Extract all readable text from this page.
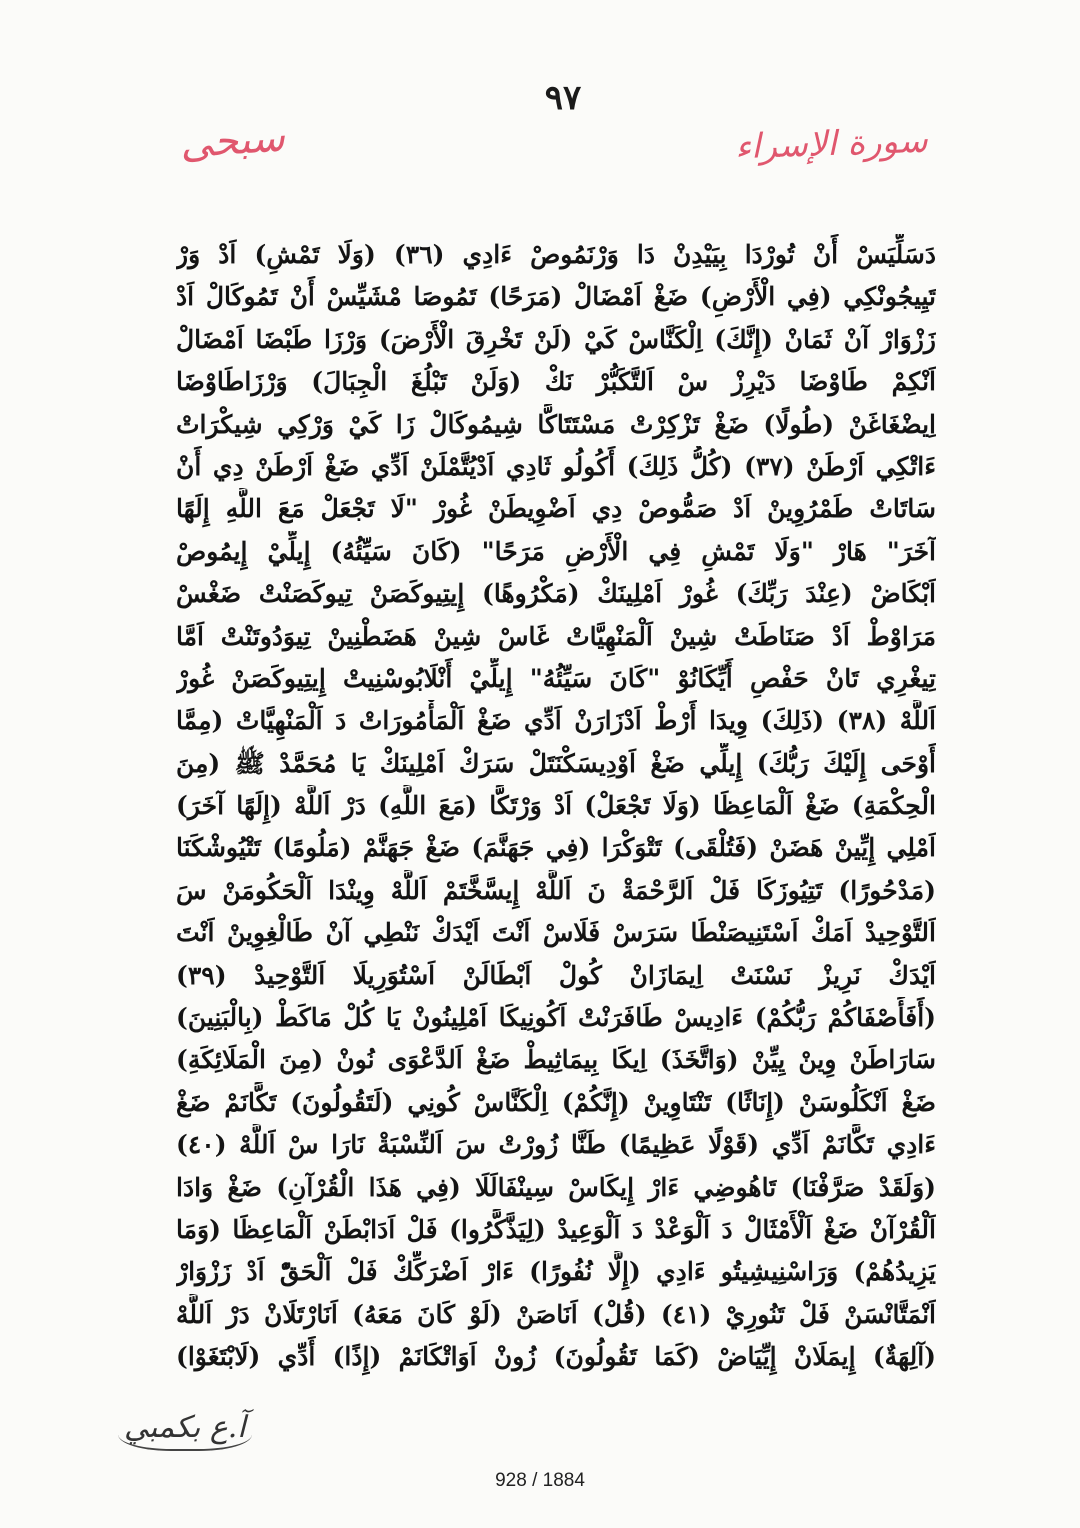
٩٧
سبحى	سورة الإسراء
دَسَلِّيَسْ أَنْ تُورْدَا بِيَيْدِنْ دَا وَرْنَمُوصْ ءَادِي (٣٦) (وَلَا تَمْشِ) اَدْ وَرْ
تَيِيجُونْكِي (فِي الْأَرْضِ) ضَغْ اَمْضَالْ (مَرَحًا) تَمُوصَا مْشَيِّسْ أَنْ تَمُوكَالْ اَدْ
زَزْوَارْ آنْ ثَمَانْ (إِنَّكَ) اِلْكَنَّاسْ كَيْ (لَنْ تَخْرِقَ الْأَرْضَ) وَرْزَا طَبْضَا اَمْضَالْ
اَنْكِمْ طَاوْضَا دَيْرِزْ سْ اَلتَّكَبُّرْ نَكْ (وَلَنْ تَبْلُغَ الْجِبَالَ) وَرْزَاطَاوْضَا
اِيضْغَاغَنْ (طُولًا) ضَغْ تَزْكِرْتْ مَسْتَتَاكَّا شِيمُوكَالْ زَا كَيْ وَرْكِي شِيكْرَاتْ
ءَاتْكِي اَرْطَنْ (٣٧) (كُلُّ ذَلِكَ) أَكُولُو ثَادِي اَدْيُتَّمْلَنْ اَدِّي ضَغْ اَرْطَنْ دِي أَنْ
سَاتَاتْ طَمْرُوِينْ اَدْ صَمُّوصْ دِي اَضْوِيطَنْ غُورْ "لَا تَجْعَلْ مَعَ اللَّهِ إِلَهًا
آخَرَ" هَارْ "وَلَا تَمْشِ فِي الْأَرْضِ مَرَحًا" (كَانَ سَيِّئُهُ) إِيلِّيْ إِيمُوصْ
اَبْكَاضْ (عِنْدَ رَبِّكَ) غُورْ اَمْلِينَكْ (مَكْرُوهًا) إِيتِيوكَصَنْ تِيوكَصَنْتْ ضَغْسْ
مَرَاوْطْ اَدْ صَنَاطَتْ شِينْ اَلْمَنْهِيَّاتْ غَاسْ شِينْ هَضَطْنِينْ تِيوَدُوتَنْتْ اَمَّا
تِيغْرِي تَانْ حَفْصِ أَيِّكَانُوْ "كَانَ سَيِّئُهُ" إِيلِّيْ أَنْلَابُوسْنِيتْ إِيتِيوكَصَنْ غُورْ
اَللَّهْ (٣٨) (ذَلِكَ) وِيدَا أَرْطْ اَدْزَارَنْ اَدِّي ضَغْ اَلْمَأْمُورَاتْ دَ اَلْمَنْهِيَّاتْ (مِمَّا
أَوْحَى إِلَيْكَ رَبُّكَ) إِيلِّي ضَغْ اَوْدِيسَكْنَتَلْ سَرَكْ اَمْلِينَكْ يَا مُحَمَّدْ ﷺ (مِنَ
الْحِكْمَةِ) ضَغْ اَلْمَاعِظَا (وَلَا تَجْعَلْ) اَدْ وَرْتَكَّا (مَعَ اللَّهِ) دَرْ اَللَّهْ (إِلَهًا آخَرَ)
اَمْلِي إِيِّينْ هَضَنْ (فَتُلْقَى) تَتْوَكْرَا (فِي جَهَنَّمَ) ضَغْ جَهَنَّمْ (مَلُومًا) تَتْيُوشْكَنَا
(مَدْحُورًا) تَتِيُوزَكَا فَلْ اَلرَّحْمَةْ نَ اَللَّهْ إِيسَّخَّتَمْ اَللَّهْ وِينْدَا اَلْحَكُومَنْ سَ
اَلتَّوْحِيدْ اَمَكْ اَسْتَنِيصَنْطَا سَرَسْ فَلَاسْ اَنْتَ اَيْدَكْ نَنْطِي آنْ طَالْغِوِينْ اَنْتَ
اَيْدَكْ نَرِيزْ نَسْنَتْ اِيمَازَانْ كُولْ اَبْطَالَنْ اَسْتُوَرِيلَا اَلتَّوْحِيدْ (٣٩)
(أَفَأَصْفَاكُمْ رَبُّكُمْ) ءَادِيسْ طَافَرَنْتْ اَكُونِيكَا اَمْلِينُونْ يَا كُلْ مَاكَطْ (بِالْبَنِينَ)
سَارَاطَنْ وِينْ يِيِّنْ (وَاتَّخَذَ) اِيكَا بِيمَاثِيطْ ضَغْ اَلدَّعْوَى نُونْ (مِنَ الْمَلَائِكَةِ)
ضَغْ اَنْكَلُوسَنْ (إِنَاثًا) تَنْتَاوِينْ (إِنَّكُمْ) اِلْكَنَّاسْ كُونِي (لَتَقُولُونَ) تَكَّانَمْ ضَغْ
ءَادِي تَكَّانَمْ اَدِّي (قَوْلًا عَظِيمًا) طَنَّا زُورْتْ سَ اَلنِّسْبَةْ نَارَا سْ اَللَّهْ (٤٠)
(وَلَقَدْ صَرَّفْنَا) تَاهُوضِي ءَارْ إِيكَاسْ سِينْفَالَلَا (فِي هَذَا الْقُرْآنِ) ضَغْ وَادَا
اَلْقُرْآنْ ضَغْ اَلْأَمْثَالْ دَ اَلْوَعْدْ دَ اَلْوَعِيدْ (لِيَذَّكَّرُوا) فَلْ اَدَابْطَنْ اَلْمَاعِظَا (وَمَا
يَزِيدُهُمْ) وَرَاسْنِيشِيتُو ءَادِي (إِلَّا نُفُورًا) ءَارْ اَضْرَكِّكْ فَلْ اَلْحَقّْ اَدْ زَزْوَارْ
اَنْمَتَّانْسَنْ فَلْ تَنُورِيْ (٤١) (قُلْ) اَنَاصَنْ (لَوْ كَانَ مَعَهُ) اَنَارْتَلَانْ دَرْ اَللَّهْ
(آلِهَةٌ) إِيمَلَانْ إِيِّيَاضْ (كَمَا تَقُولُونَ) زُونْ اَوَاتْكَانَمْ (إِذًا) أَدِّي (لَابْتَغَوْا)
آ.ع بكمبي
928 / 1884
